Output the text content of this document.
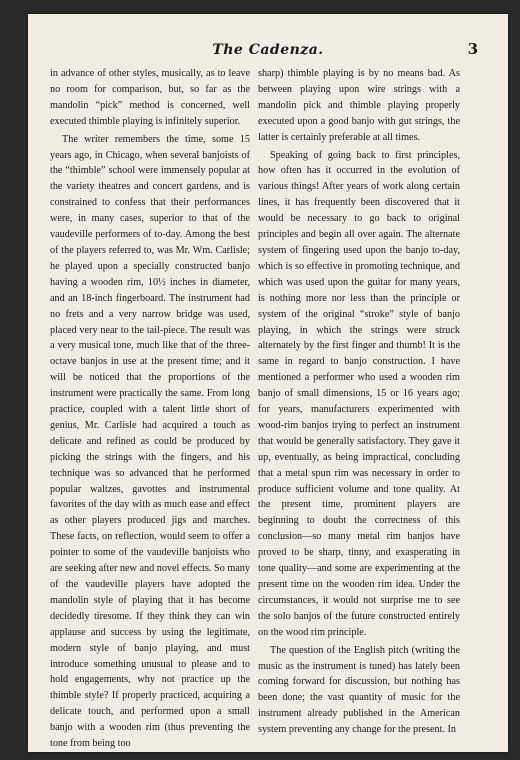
The Cadenza.	3

in advance of other styles, musically, as to leave no room for comparison, but, so far as the mandolin “pick” method is concerned, well executed thimble playing is infinitely superior.

The writer remembers the time, some 15 years ago, in Chicago, when several banjoists of the “thimble” school were immensely popular at the variety theatres and concert gardens, and is constrained to confess that their performances were, in many cases, superior to that of the vaudeville performers of to-day. Among the best of the players referred to, was Mr. Wm. Carlisle; he played upon a specially constructed banjo having a wooden rim, 10½ inches in diameter, and an 18-inch fingerboard. The instrument had no frets and a very narrow bridge was used, placed very near to the tail-piece. The result was a very musical tone, much like that of the three-octave banjos in use at the present time; and it will be noticed that the proportions of the instrument were practically the same. From long practice, coupled with a talent little short of genius, Mr. Carlisle had acquired a touch as delicate and refined as could be produced by picking the strings with the fingers, and his technique was so advanced that he performed popular waltzes, gavottes and instrumental favorites of the day with as much ease and effect as other players produced jigs and marches. These facts, on reflection, would seem to offer a pointer to some of the vaudeville banjoists who are seeking after new and novel effects. So many of the vaudeville players have adopted the mandolin style of playing that it has become decidedly tiresome. If they think they can win applause and success by using the legitimate, modern style of banjo playing, and must introduce something unusual to please and to hold engagements, why not practice up the thimble style? If properly practiced, acquiring a delicate touch, and performed upon a small banjo with a wooden rim (thus preventing the tone from being too

sharp) thimble playing is by no means bad. As between playing upon wire strings with a mandolin pick and thimble playing properly executed upon a good banjo with gut strings, the latter is certainly preferable at all times.

Speaking of going back to first principles, how often has it occurred in the evolution of various things! After years of work along certain lines, it has frequently been discovered that it would be necessary to go back to original principles and begin all over again. The alternate system of fingering used upon the banjo to-day, which is so effective in promoting technique, and which was used upon the guitar for many years, is nothing more nor less than the principle or system of the original “stroke” style of banjo playing, in which the strings were struck alternately by the first finger and thumb! It is the same in regard to banjo construction. I have mentioned a performer who used a wooden rim banjo of small dimensions, 15 or 16 years ago; for years, manufacturers experimented with wood-rim banjos trying to perfect an instrument that would be generally satisfactory. They gave it up, eventually, as being impractical, concluding that a metal spun rim was necessary in order to produce sufficient volume and tone quality. At the present time, prominent players are beginning to doubt the correctness of this conclusion—so many metal rim banjos have proved to be sharp, tinny, and exasperating in tone quality—and some are experimenting at the present time on the wooden rim idea. Under the circumstances, it would not surprise me to see the solo banjos of the future constructed entirely on the wood rim principle.

The question of the English pitch (writing the music as the instrument is tuned) has lately been coming forward for discussion, but nothing has been done; the vast quantity of music for the instrument already published in the American system preventing any change for the present. In
